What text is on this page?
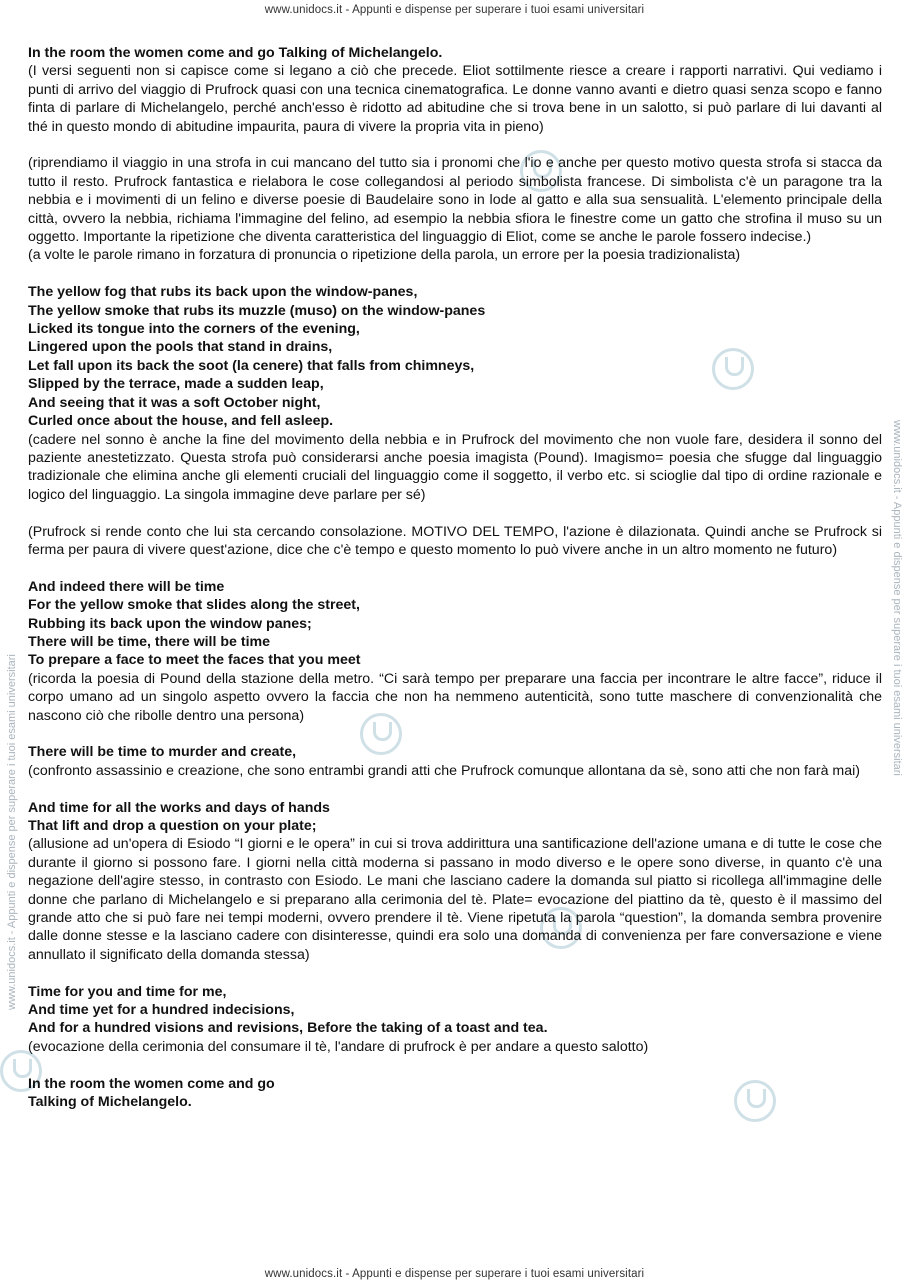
www.unidocs.it - Appunti e dispense per superare i tuoi esami universitari
www.unidocs.it - Appunti e dispense per superare i tuoi esami universitari
www.unidocs.it - Appunti e dispense per superare i tuoi esami universitari

In the room the women come and go Talking of Michelangelo.
(I versi seguenti non si capisce come si legano a ciò che precede. Eliot sottilmente riesce a creare i rapporti narrativi. Qui vediamo i punti di arrivo del viaggio di Prufrock quasi con una tecnica cinematografica. Le donne vanno avanti e dietro quasi senza scopo e fanno finta di parlare di Michelangelo, perché anch'esso è ridotto ad abitudine che si trova bene in un salotto, si può parlare di lui davanti al thé in questo mondo di abitudine impaurita, paura di vivere la propria vita in pieno)

(riprendiamo il viaggio in una strofa in cui mancano del tutto sia i pronomi che l'io e anche per questo motivo questa strofa si stacca da tutto il resto. Prufrock fantastica e rielabora le cose collegandosi al periodo simbolista francese. Di simbolista c'è un paragone tra la nebbia e i movimenti di un felino e diverse poesie di Baudelaire sono in lode al gatto e alla sua sensualità. L'elemento principale della città, ovvero la nebbia, richiama l'immagine del felino, ad esempio la nebbia sfiora le finestre come un gatto che strofina il muso su un oggetto. Importante la ripetizione che diventa caratteristica del linguaggio di Eliot, come se anche le parole fossero indecise.)
(a volte le parole rimano in forzatura di pronuncia o ripetizione della parola, un errore per la poesia tradizionalista)

The yellow fog that rubs its back upon the window-panes,
The yellow smoke that rubs its muzzle (muso) on the window-panes
Licked its tongue into the corners of the evening,
Lingered upon the pools that stand in drains,
Let fall upon its back the soot (la cenere) that falls from chimneys,
Slipped by the terrace, made a sudden leap,
And seeing that it was a soft October night,
Curled once about the house, and fell asleep.
(cadere nel sonno è anche la fine del movimento della nebbia e in Prufrock del movimento che non vuole fare, desidera il sonno del paziente anestetizzato. Questa strofa può considerarsi anche poesia imagista (Pound). Imagismo= poesia che sfugge dal linguaggio tradizionale che elimina anche gli elementi cruciali del linguaggio come il soggetto, il verbo etc. si scioglie dal tipo di ordine razionale e logico del linguaggio. La singola immagine deve parlare per sé)

(Prufrock si rende conto che lui sta cercando consolazione. MOTIVO DEL TEMPO, l'azione è dilazionata. Quindi anche se Prufrock si ferma per paura di vivere quest'azione, dice che c'è tempo e questo momento lo può vivere anche in un altro momento ne futuro)

And indeed there will be time
For the yellow smoke that slides along the street,
Rubbing its back upon the window panes;
There will be time, there will be time
To prepare a face to meet the faces that you meet
(ricorda la poesia di Pound della stazione della metro. “Ci sarà tempo per preparare una faccia per incontrare le altre facce”, riduce il corpo umano ad un singolo aspetto ovvero la faccia che non ha nemmeno autenticità, sono tutte maschere di convenzionalità che nascono ciò che ribolle dentro una persona)

There will be time to murder and create,
(confronto assassinio e creazione, che sono entrambi grandi atti che Prufrock comunque allontana da sè, sono atti che non farà mai)

And time for all the works and days of hands
That lift and drop a question on your plate;
(allusione ad un'opera di Esiodo “I giorni e le opera” in cui si trova addirittura una santificazione dell'azione umana e di tutte le cose che durante il giorno si possono fare. I giorni nella città moderna si passano in modo diverso e le opere sono diverse, in quanto c'è una negazione dell'agire stesso, in contrasto con Esiodo. Le mani che lasciano cadere la domanda sul piatto si ricollega all'immagine delle donne che parlano di Michelangelo e si preparano alla cerimonia del tè. Plate= evocazione del piattino da tè, questo è il massimo del grande atto che si può fare nei tempi moderni, ovvero prendere il tè. Viene ripetuta la parola “question”, la domanda sembra provenire dalle donne stesse e la lasciano cadere con disinteresse, quindi era solo una domanda di convenienza per fare conversazione e viene annullato il significato della domanda stessa)

Time for you and time for me,
And time yet for a hundred indecisions,
And for a hundred visions and revisions, Before the taking of a toast and tea.
(evocazione della cerimonia del consumare il tè, l'andare di prufrock è per andare a questo salotto)

In the room the women come and go
Talking of Michelangelo.

www.unidocs.it - Appunti e dispense per superare i tuoi esami universitari
